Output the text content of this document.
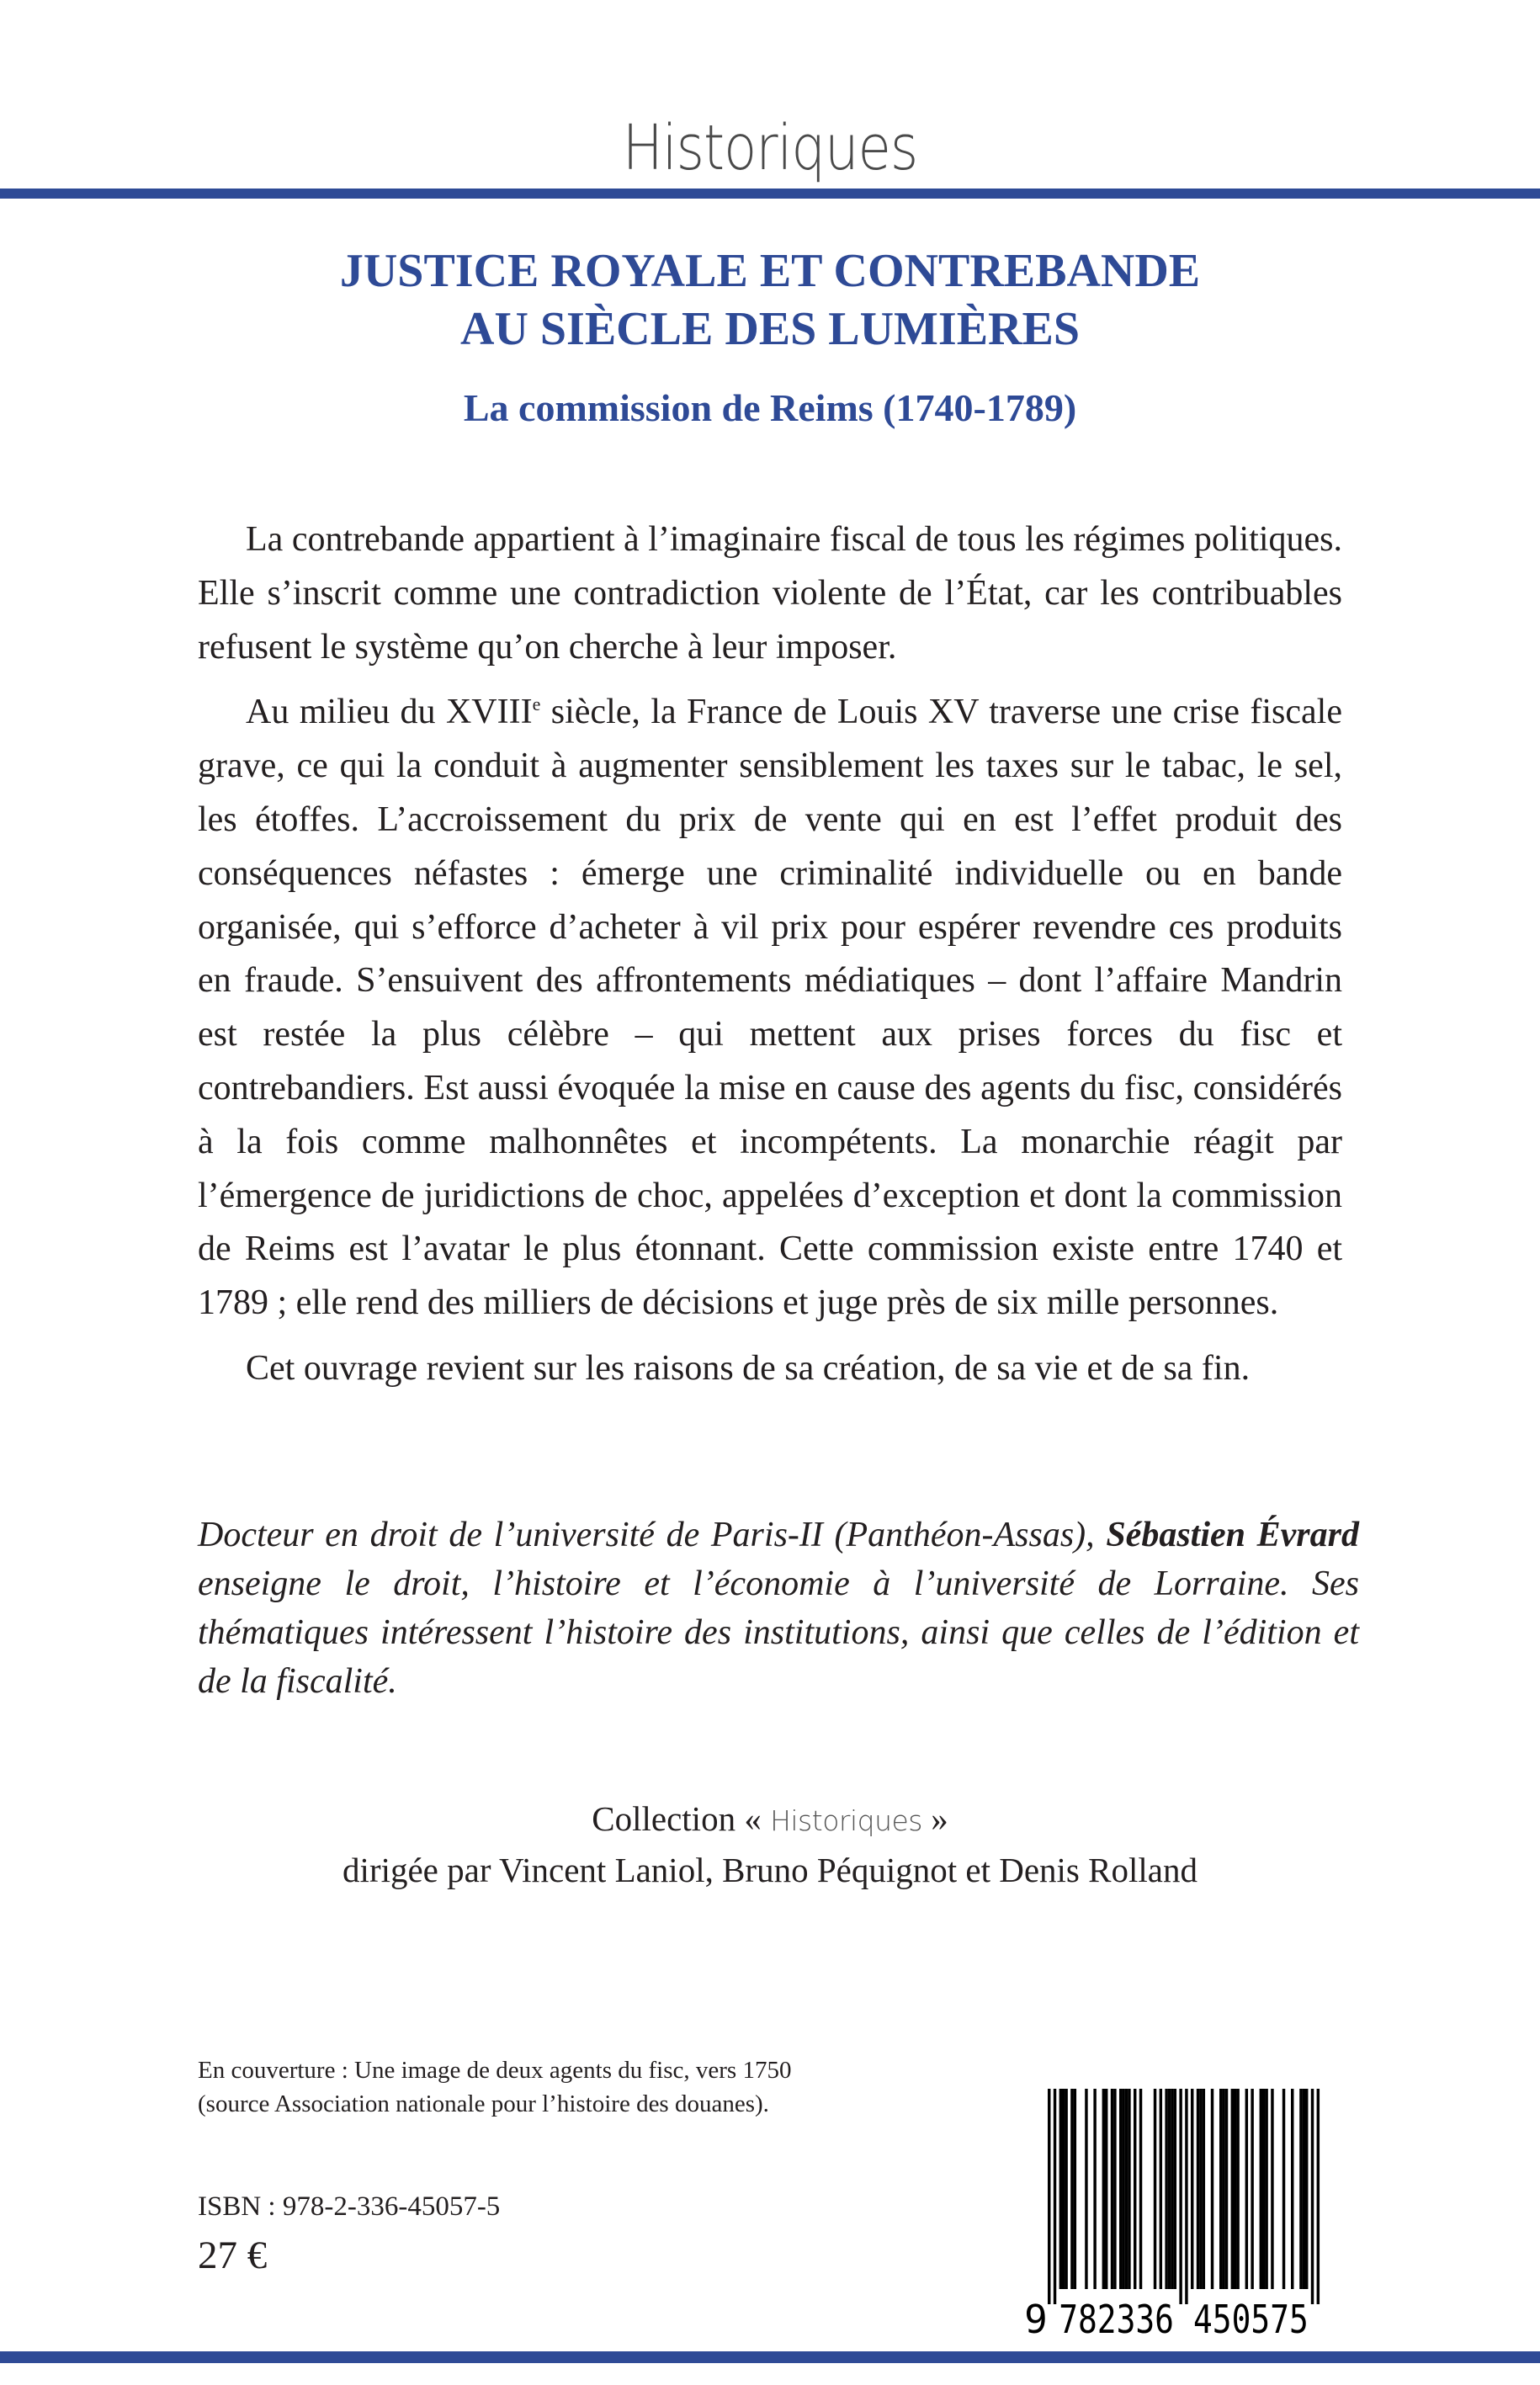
Historiques
JUSTICE ROYALE ET CONTREBANDE
AU SIÈCLE DES LUMIÈRES
La commission de Reims (1740-1789)

La contrebande appartient à l’imaginaire fiscal de tous les régimes politiques. Elle s’inscrit comme une contradiction violente de l’État, car les contribuables refusent le système qu’on cherche à leur imposer.

Au milieu du XVIIIe siècle, la France de Louis XV traverse une crise fiscale grave, ce qui la conduit à augmenter sensiblement les taxes sur le tabac, le sel, les étoffes. L’accroissement du prix de vente qui en est l’effet produit des conséquences néfastes : émerge une criminalité individuelle ou en bande organisée, qui s’efforce d’acheter à vil prix pour espérer revendre ces produits en fraude. S’ensuivent des affrontements médiatiques – dont l’affaire Mandrin est restée la plus célèbre – qui mettent aux prises forces du fisc et contrebandiers. Est aussi évoquée la mise en cause des agents du fisc, considérés à la fois comme malhonnêtes et incompétents. La monarchie réagit par l’émergence de juridictions de choc, appelées d’exception et dont la commission de Reims est l’avatar le plus étonnant. Cette commission existe entre 1740 et 1789 ; elle rend des milliers de décisions et juge près de six mille personnes.

Cet ouvrage revient sur les raisons de sa création, de sa vie et de sa fin.

Docteur en droit de l’université de Paris-II (Panthéon-Assas), Sébastien Évrard enseigne le droit, l’histoire et l’économie à l’université de Lorraine. Ses thématiques intéressent l’histoire des institutions, ainsi que celles de l’édition et de la fiscalité.

Collection « Historiques »
dirigée par Vincent Laniol, Bruno Péquignot et Denis Rolland
En couverture : Une image de deux agents du fisc, vers 1750
(source Association nationale pour l’histoire des douanes).
ISBN : 978-2-336-45057-5
27 €
9 782336 450575
